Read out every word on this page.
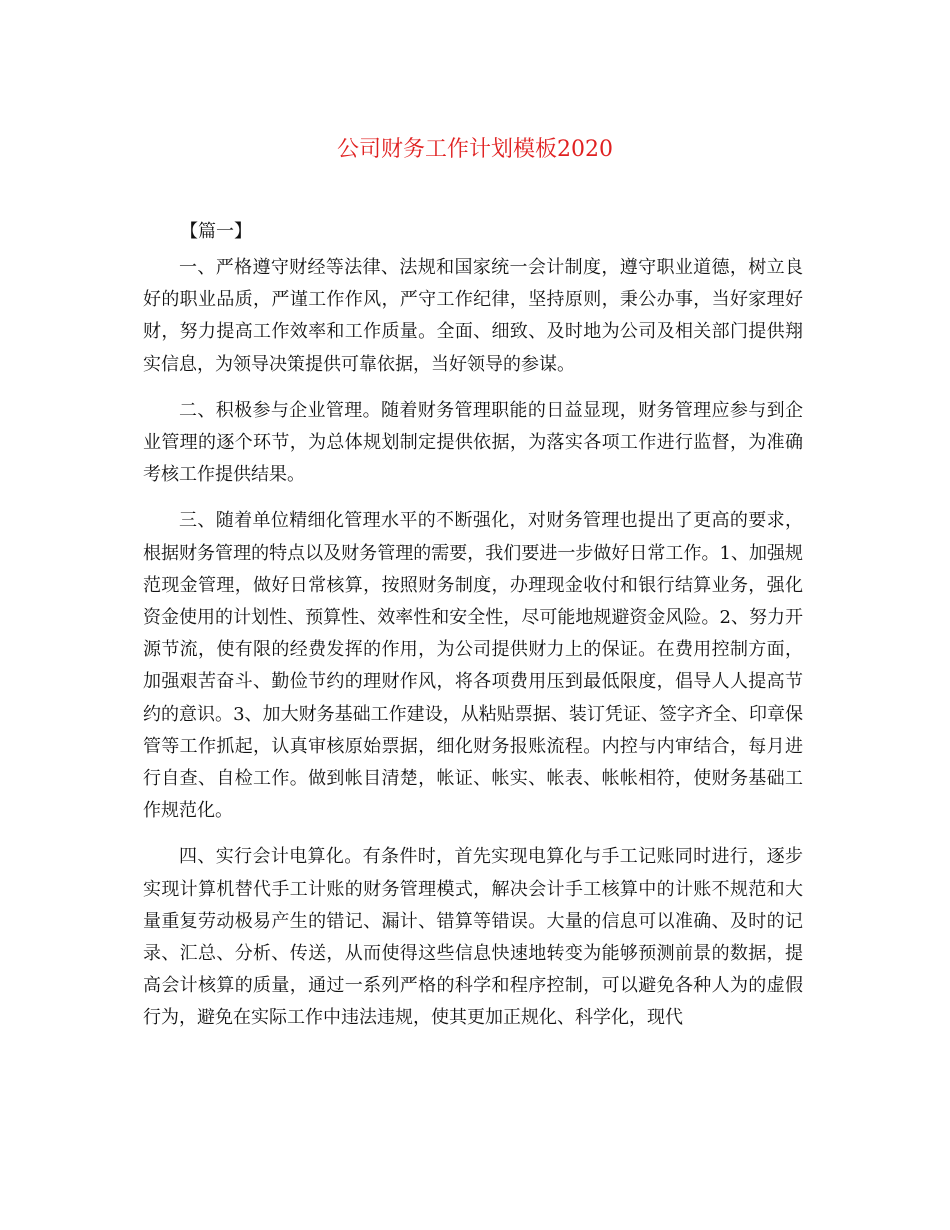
公司财务工作计划模板2020
【篇一】

一、严格遵守财经等法律、法规和国家统一会计制度，遵守职业道德，树立良好的职业品质，严谨工作作风，严守工作纪律，坚持原则，秉公办事，当好家理好财，努力提高工作效率和工作质量。全面、细致、及时地为公司及相关部门提供翔实信息，为领导决策提供可靠依据，当好领导的参谋。

二、积极参与企业管理。随着财务管理职能的日益显现，财务管理应参与到企业管理的逐个环节，为总体规划制定提供依据，为落实各项工作进行监督，为准确考核工作提供结果。

三、随着单位精细化管理水平的不断强化，对财务管理也提出了更高的要求，根据财务管理的特点以及财务管理的需要，我们要进一步做好日常工作。1、加强规范现金管理，做好日常核算，按照财务制度，办理现金收付和银行结算业务，强化资金使用的计划性、预算性、效率性和安全性，尽可能地规避资金风险。2、努力开源节流，使有限的经费发挥的作用，为公司提供财力上的保证。在费用控制方面，加强艰苦奋斗、勤俭节约的理财作风，将各项费用压到最低限度，倡导人人提高节约的意识。3、加大财务基础工作建设，从粘贴票据、装订凭证、签字齐全、印章保管等工作抓起，认真审核原始票据，细化财务报账流程。内控与内审结合，每月进行自查、自检工作。做到帐目清楚，帐证、帐实、帐表、帐帐相符，使财务基础工作规范化。

四、实行会计电算化。有条件时，首先实现电算化与手工记账同时进行，逐步实现计算机替代手工计账的财务管理模式，解决会计手工核算中的计账不规范和大量重复劳动极易产生的错记、漏计、错算等错误。大量的信息可以准确、及时的记录、汇总、分析、传送，从而使得这些信息快速地转变为能够预测前景的数据，提高会计核算的质量，通过一系列严格的科学和程序控制，可以避免各种人为的虚假行为，避免在实际工作中违法违规，使其更加正规化、科学化，现代
